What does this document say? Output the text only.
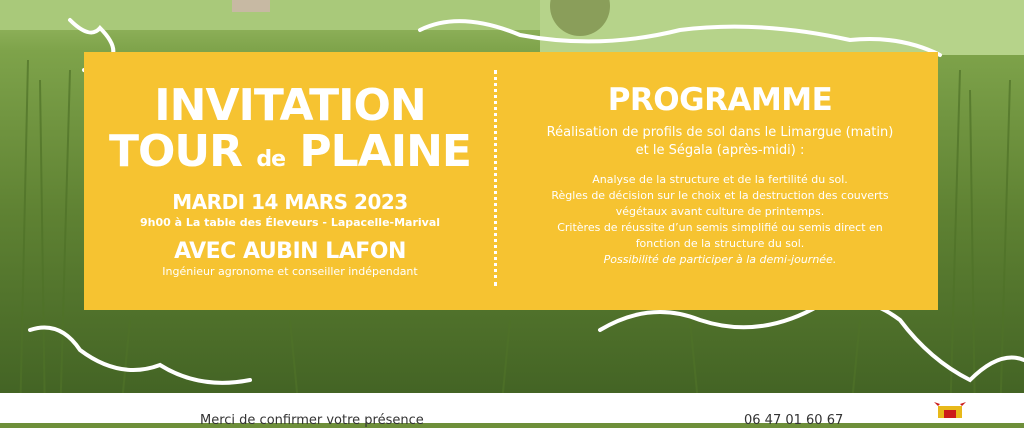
INVITATION
TOUR de PLAINE
MARDI 14 MARS 2023
9h00 à La table des Éleveurs - Lapacelle-Marival
AVEC AUBIN LAFON
Ingénieur agronome et conseiller indépendant
PROGRAMME
Réalisation de profils de sol dans le Limargue (matin)
et le Ségala (après-midi) :
Analyse de la structure et de la fertilité du sol.
Règles de décision sur le choix et la destruction des couverts
végétaux avant culture de printemps.
Critères de réussite d’un semis simplifié ou semis direct en
fonction de la structure du sol.
Possibilité de participer à la demi-journée.
Merci de confirmer votre présence	06 47 01 60 67
